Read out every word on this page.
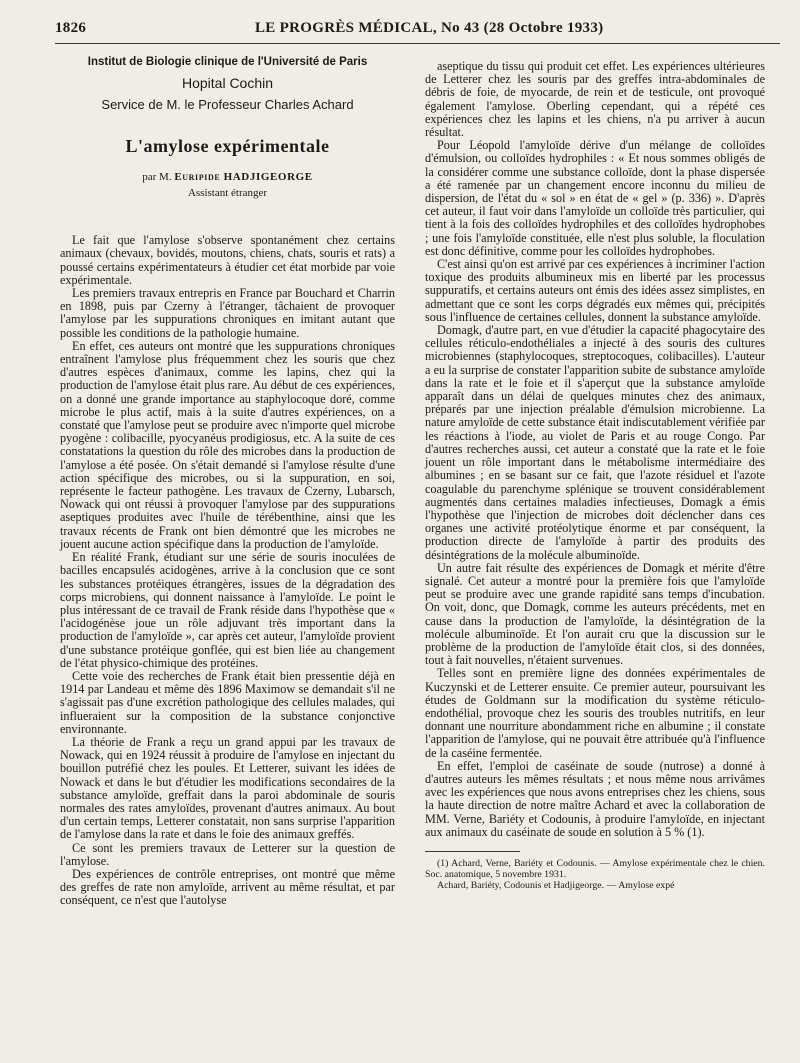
1826	LE PROGRÈS MÉDICAL, No 43 (28 Octobre 1933)
Institut de Biologie clinique de l'Université de Paris
Hopital Cochin
Service de M. le Professeur Charles Achard
L'amylose expérimentale
par M. Euripide HADJIGEORGE
Assistant étranger

Le fait que l'amylose s'observe spontanément chez certains animaux (chevaux, bovidés, moutons, chiens, chats, souris et rats) a poussé certains expérimentateurs à étudier cet état morbide par voie expérimentale.

Les premiers travaux entrepris en France par Bouchard et Charrin en 1898, puis par Czerny à l'étranger, tâchaient de provoquer l'amylose par les suppurations chroniques en imitant autant que possible les conditions de la pathologie humaine.

En effet, ces auteurs ont montré que les suppurations chroniques entraînent l'amylose plus fréquemment chez les souris que chez d'autres espèces d'animaux, comme les lapins, chez qui la production de l'amylose était plus rare. Au début de ces expériences, on a donné une grande importance au staphylocoque doré, comme microbe le plus actif, mais à la suite d'autres expériences, on a constaté que l'amylose peut se produire avec n'importe quel microbe pyogène : colibacille, pyocyanéus prodigiosus, etc. A la suite de ces constatations la question du rôle des microbes dans la production de l'amylose a été posée. On s'était demandé si l'amylose résulte d'une action spécifique des microbes, ou si la suppuration, en soi, représente le facteur pathogène. Les travaux de Czerny, Lubarsch, Nowack qui ont réussi à provoquer l'amylose par des suppurations aseptiques produites avec l'huile de térébenthine, ainsi que les travaux récents de Frank ont bien démontré que les microbes ne jouent aucune action spécifique dans la production de l'amyloïde.

En réalité Frank, étudiant sur une série de souris inoculées de bacilles encapsulés acidogènes, arrive à la conclusion que ce sont les substances protéiques étrangères, issues de la dégradation des corps microbiens, qui donnent naissance à l'amyloïde. Le point le plus intéressant de ce travail de Frank réside dans l'hypothèse que « l'acidogénèse joue un rôle adjuvant très important dans la production de l'amyloïde », car après cet auteur, l'amyloïde provient d'une substance protéique gonflée, qui est bien liée au changement de l'état physico-chimique des protéines.

Cette voie des recherches de Frank était bien pressentie déjà en 1914 par Landeau et même dès 1896 Maximow se demandait s'il ne s'agissait pas d'une excrétion pathologique des cellules malades, qui influeraient sur la composition de la substance conjonctive environnante.

La théorie de Frank a reçu un grand appui par les travaux de Nowack, qui en 1924 réussit à produire de l'amylose en injectant du bouillon putréfié chez les poules. Et Letterer, suivant les idées de Nowack et dans le but d'étudier les modifications secondaires de la substance amyloïde, greffait dans la paroi abdominale de souris normales des rates amyloïdes, provenant d'autres animaux. Au bout d'un certain temps, Letterer constatait, non sans surprise l'apparition de l'amylose dans la rate et dans le foie des animaux greffés.

Ce sont les premiers travaux de Letterer sur la question de l'amylose.

Des expériences de contrôle entreprises, ont montré que même des greffes de rate non amyloïde, arrivent au même résultat, et par conséquent, ce n'est que l'autolyse

aseptique du tissu qui produit cet effet. Les expériences ultérieures de Letterer chez les souris par des greffes intra-abdominales de débris de foie, de myocarde, de rein et de testicule, ont provoqué également l'amylose. Oberling cependant, qui a répété ces expériences chez les lapins et les chiens, n'a pu arriver à aucun résultat.

Pour Léopold l'amyloïde dérive d'un mélange de colloïdes d'émulsion, ou colloïdes hydrophiles : « Et nous sommes obligés de la considérer comme une substance colloïde, dont la phase dispersée a été ramenée par un changement encore inconnu du milieu de dispersion, de l'état du « sol » en état de « gel » (p. 336) ». D'après cet auteur, il faut voir dans l'amyloïde un colloïde très particulier, qui tient à la fois des colloïdes hydrophiles et des colloïdes hydrophobes ; une fois l'amyloïde constituée, elle n'est plus soluble, la floculation est donc définitive, comme pour les colloïdes hydrophobes.

C'est ainsi qu'on est arrivé par ces expériences à incriminer l'action toxique des produits albumineux mis en liberté par les processus suppuratifs, et certains auteurs ont émis des idées assez simplistes, en admettant que ce sont les corps dégradés eux mêmes qui, précipités sous l'influence de certaines cellules, donnent la substance amyloïde.

Domagk, d'autre part, en vue d'étudier la capacité phagocytaire des cellules réticulo-endothéliales a injecté à des souris des cultures microbiennes (staphylocoques, streptocoques, colibacilles). L'auteur a eu la surprise de constater l'apparition subite de substance amyloïde dans la rate et le foie et il s'aperçut que la substance amyloïde apparaît dans un délai de quelques minutes chez des animaux, préparés par une injection préalable d'émulsion microbienne. La nature amyloïde de cette substance était indiscutablement vérifiée par les réactions à l'iode, au violet de Paris et au rouge Congo. Par d'autres recherches aussi, cet auteur a constaté que la rate et le foie jouent un rôle important dans le métabolisme intermédiaire des albumines ; en se basant sur ce fait, que l'azote résiduel et l'azote coagulable du parenchyme splénique se trouvent considérablement augmentés dans certaines maladies infectieuses, Domagk a émis l'hypothèse que l'injection de microbes doit déclencher dans ces organes une activité protéolytique énorme et par conséquent, la production directe de l'amyloïde à partir des produits des désintégrations de la molécule albuminoïde.

Un autre fait résulte des expériences de Domagk et mérite d'être signalé. Cet auteur a montré pour la première fois que l'amyloïde peut se produire avec une grande rapidité sans temps d'incubation. On voit, donc, que Domagk, comme les auteurs précédents, met en cause dans la production de l'amyloïde, la désintégration de la molécule albuminoïde. Et l'on aurait cru que la discussion sur le problème de la production de l'amyloïde était clos, si des données, tout à fait nouvelles, n'étaient survenues.

Telles sont en première ligne des données expérimentales de Kuczynski et de Letterer ensuite. Ce premier auteur, poursuivant les études de Goldmann sur la modification du système réticulo-endothélial, provoque chez les souris des troubles nutritifs, en leur donnant une nourriture abondamment riche en albumine ; il constate l'apparition de l'amylose, qui ne pouvait être attribuée qu'à l'influence de la caséine fermentée.

En effet, l'emploi de caséinate de soude (nutrose) a donné à d'autres auteurs les mêmes résultats ; et nous même nous arrivâmes avec les expériences que nous avons entreprises chez les chiens, sous la haute direction de notre maître Achard et avec la collaboration de MM. Verne, Bariéty et Codounis, à produire l'amyloïde, en injectant aux animaux du caséinate de soude en solution à 5 % (1).

(1) Achard, Verne, Bariéty et Codounis. — Amylose expérimentale chez le chien. Soc. anatomique, 5 novembre 1931.

Achard, Bariéty, Codounis et Hadjigeorge. — Amylose expé
